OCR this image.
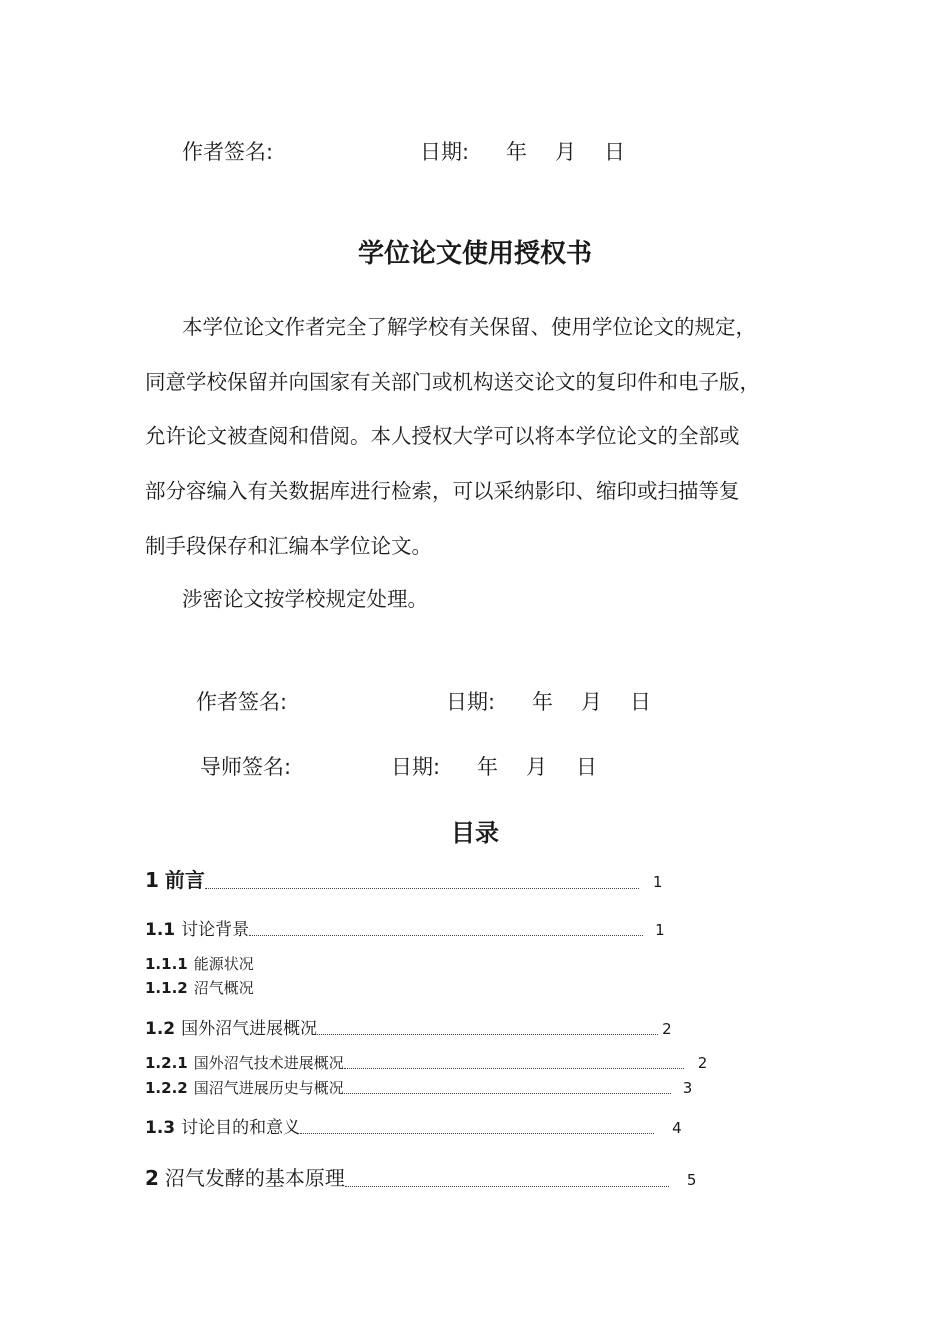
作者签名:	日期: 年 月 日
学位论文使用授权书
本学位论文作者完全了解学校有关保留、使用学位论文的规定，
同意学校保留并向国家有关部门或机构送交论文的复印件和电子版，
允许论文被查阅和借阅。本人授权大学可以将本学位论文的全部或
部分容编入有关数据库进行检索，可以采纳影印、缩印或扫描等复
制手段保存和汇编本学位论文。
涉密论文按学校规定处理。
作者签名:	日期: 年 月 日
导师签名:	日期: 年 月 日
目录
1 前言	1
1.1 讨论背景	1
1.1.1 能源状况
1.1.2 沼气概况
1.2 国外沼气进展概况	2
1.2.1 国外沼气技术进展概况	2
1.2.2 国沼气进展历史与概况	3
1.3 讨论目的和意义	4
2 沼气发酵的基本原理	5
